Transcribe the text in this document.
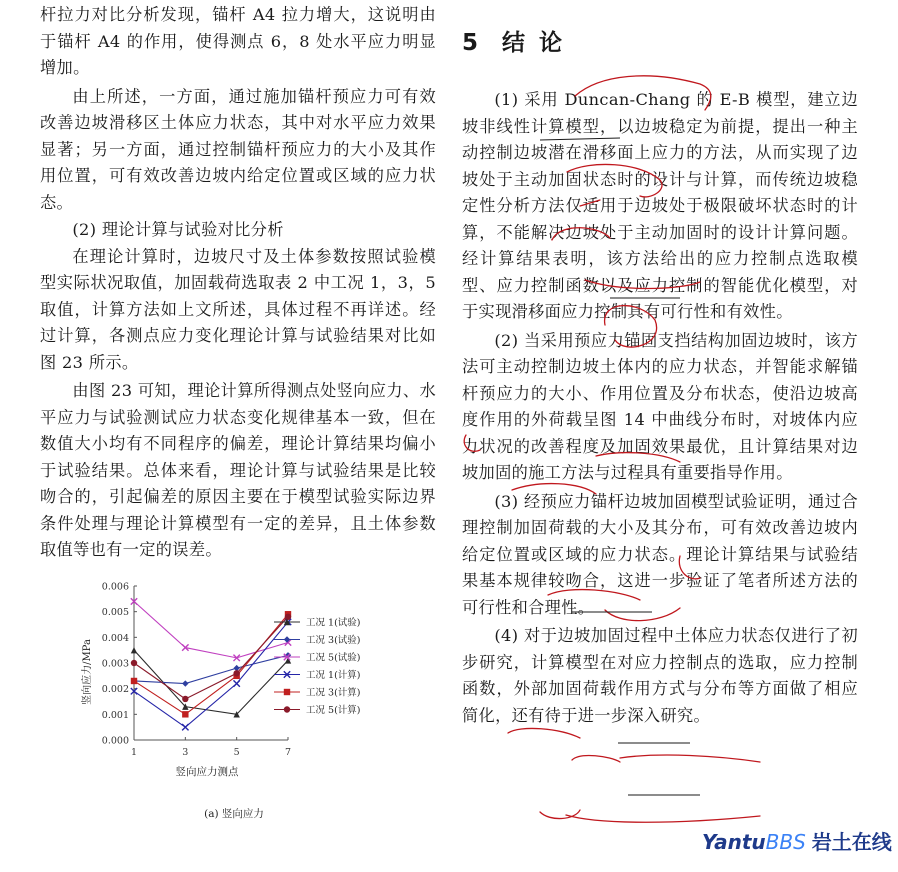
杆拉力对比分析发现，锚杆 A4 拉力增大，这说明由于锚杆 A4 的作用，使得测点 6，8 处水平应力明显增加。

由上所述，一方面，通过施加锚杆预应力可有效改善边坡滑移区土体应力状态，其中对水平应力效果显著；另一方面，通过控制锚杆预应力的大小及其作用位置，可有效改善边坡内给定位置或区域的应力状态。

(2) 理论计算与试验对比分析

在理论计算时，边坡尺寸及土体参数按照试验模型实际状况取值，加固载荷选取表 2 中工况 1，3，5 取值，计算方法如上文所述，具体过程不再详述。经过计算，各测点应力变化理论计算与试验结果对比如图 23 所示。

由图 23 可知，理论计算所得测点处竖向应力、水平应力与试验测试应力状态变化规律基本一致，但在数值大小均有不同程序的偏差，理论计算结果均偏小于试验结果。总体来看，理论计算与试验结果是比较吻合的，引起偏差的原因主要在于模型试验实际边界条件处理与理论计算模型有一定的差异，且土体参数取值等也有一定的误差。

0.000
0.001
0.002
0.003
0.004
0.005
0.006
1	3	5	7
工况 1(试验)
工况 3(试验)
工况 5(试验)
工况 1(计算)
工况 3(计算)
工况 5(计算)
竖向应力/MPa
竖向应力测点
(a) 竖向应力
5 结论

(1) 采用 Duncan-Chang 的 E-B 模型，建立边坡非线性计算模型，以边坡稳定为前提，提出一种主动控制边坡潜在滑移面上应力的方法，从而实现了边坡处于主动加固状态时的设计与计算，而传统边坡稳定性分析方法仅适用于边坡处于极限破坏状态时的计算，不能解决边坡处于主动加固时的设计计算问题。经计算结果表明，该方法给出的应力控制点选取模型、应力控制函数以及应力控制的智能优化模型，对于实现滑移面应力控制具有可行性和有效性。

(2) 当采用预应力锚固支挡结构加固边坡时，该方法可主动控制边坡土体内的应力状态，并智能求解锚杆预应力的大小、作用位置及分布状态，使沿边坡高度作用的外荷载呈图 14 中曲线分布时，对坡体内应力状况的改善程度及加固效果最优，且计算结果对边坡加固的施工方法与过程具有重要指导作用。

(3) 经预应力锚杆边坡加固模型试验证明，通过合理控制加固荷载的大小及其分布，可有效改善边坡内给定位置或区域的应力状态。理论计算结果与试验结果基本规律较吻合，这进一步验证了笔者所述方法的可行性和合理性。

(4) 对于边坡加固过程中土体应力状态仅进行了初步研究，计算模型在对应力控制点的选取，应力控制函数，外部加固荷载作用方式与分布等方面做了相应简化，还有待于进一步深入研究。

YantuBBS 岩土在线
